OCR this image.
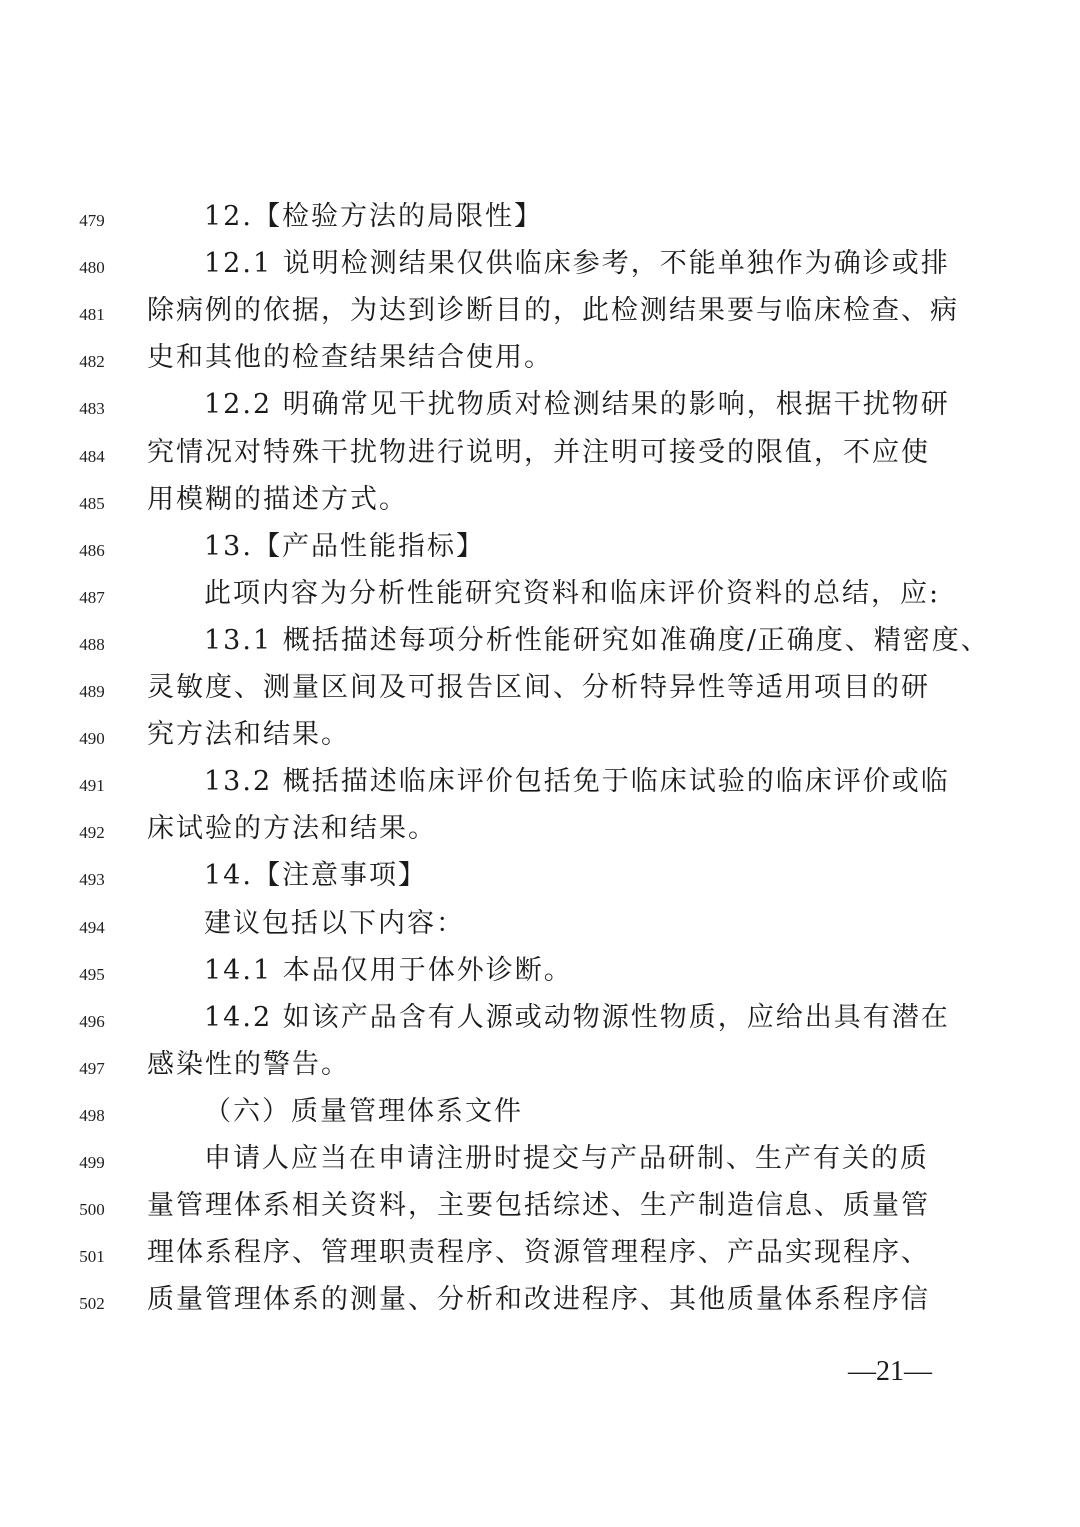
479	12.【检验方法的局限性】
480	12.1 说明检测结果仅供临床参考，不能单独作为确诊或排
481	除病例的依据，为达到诊断目的，此检测结果要与临床检查、病
482	史和其他的检查结果结合使用。
483	12.2 明确常见干扰物质对检测结果的影响，根据干扰物研
484	究情况对特殊干扰物进行说明，并注明可接受的限值，不应使
485	用模糊的描述方式。
486	13.【产品性能指标】
487	此项内容为分析性能研究资料和临床评价资料的总结，应:
488	13.1 概括描述每项分析性能研究如准确度/正确度、精密度、
489	灵敏度、测量区间及可报告区间、分析特异性等适用项目的研
490	究方法和结果。
491	13.2 概括描述临床评价包括免于临床试验的临床评价或临
492	床试验的方法和结果。
493	14.【注意事项】
494	建议包括以下内容：
495	14.1 本品仅用于体外诊断。
496	14.2 如该产品含有人源或动物源性物质，应给出具有潜在
497	感染性的警告。
498	（六）质量管理体系文件
499	申请人应当在申请注册时提交与产品研制、生产有关的质
500	量管理体系相关资料，主要包括综述、生产制造信息、质量管
501	理体系程序、管理职责程序、资源管理程序、产品实现程序、
502	质量管理体系的测量、分析和改进程序、其他质量体系程序信
—21—
